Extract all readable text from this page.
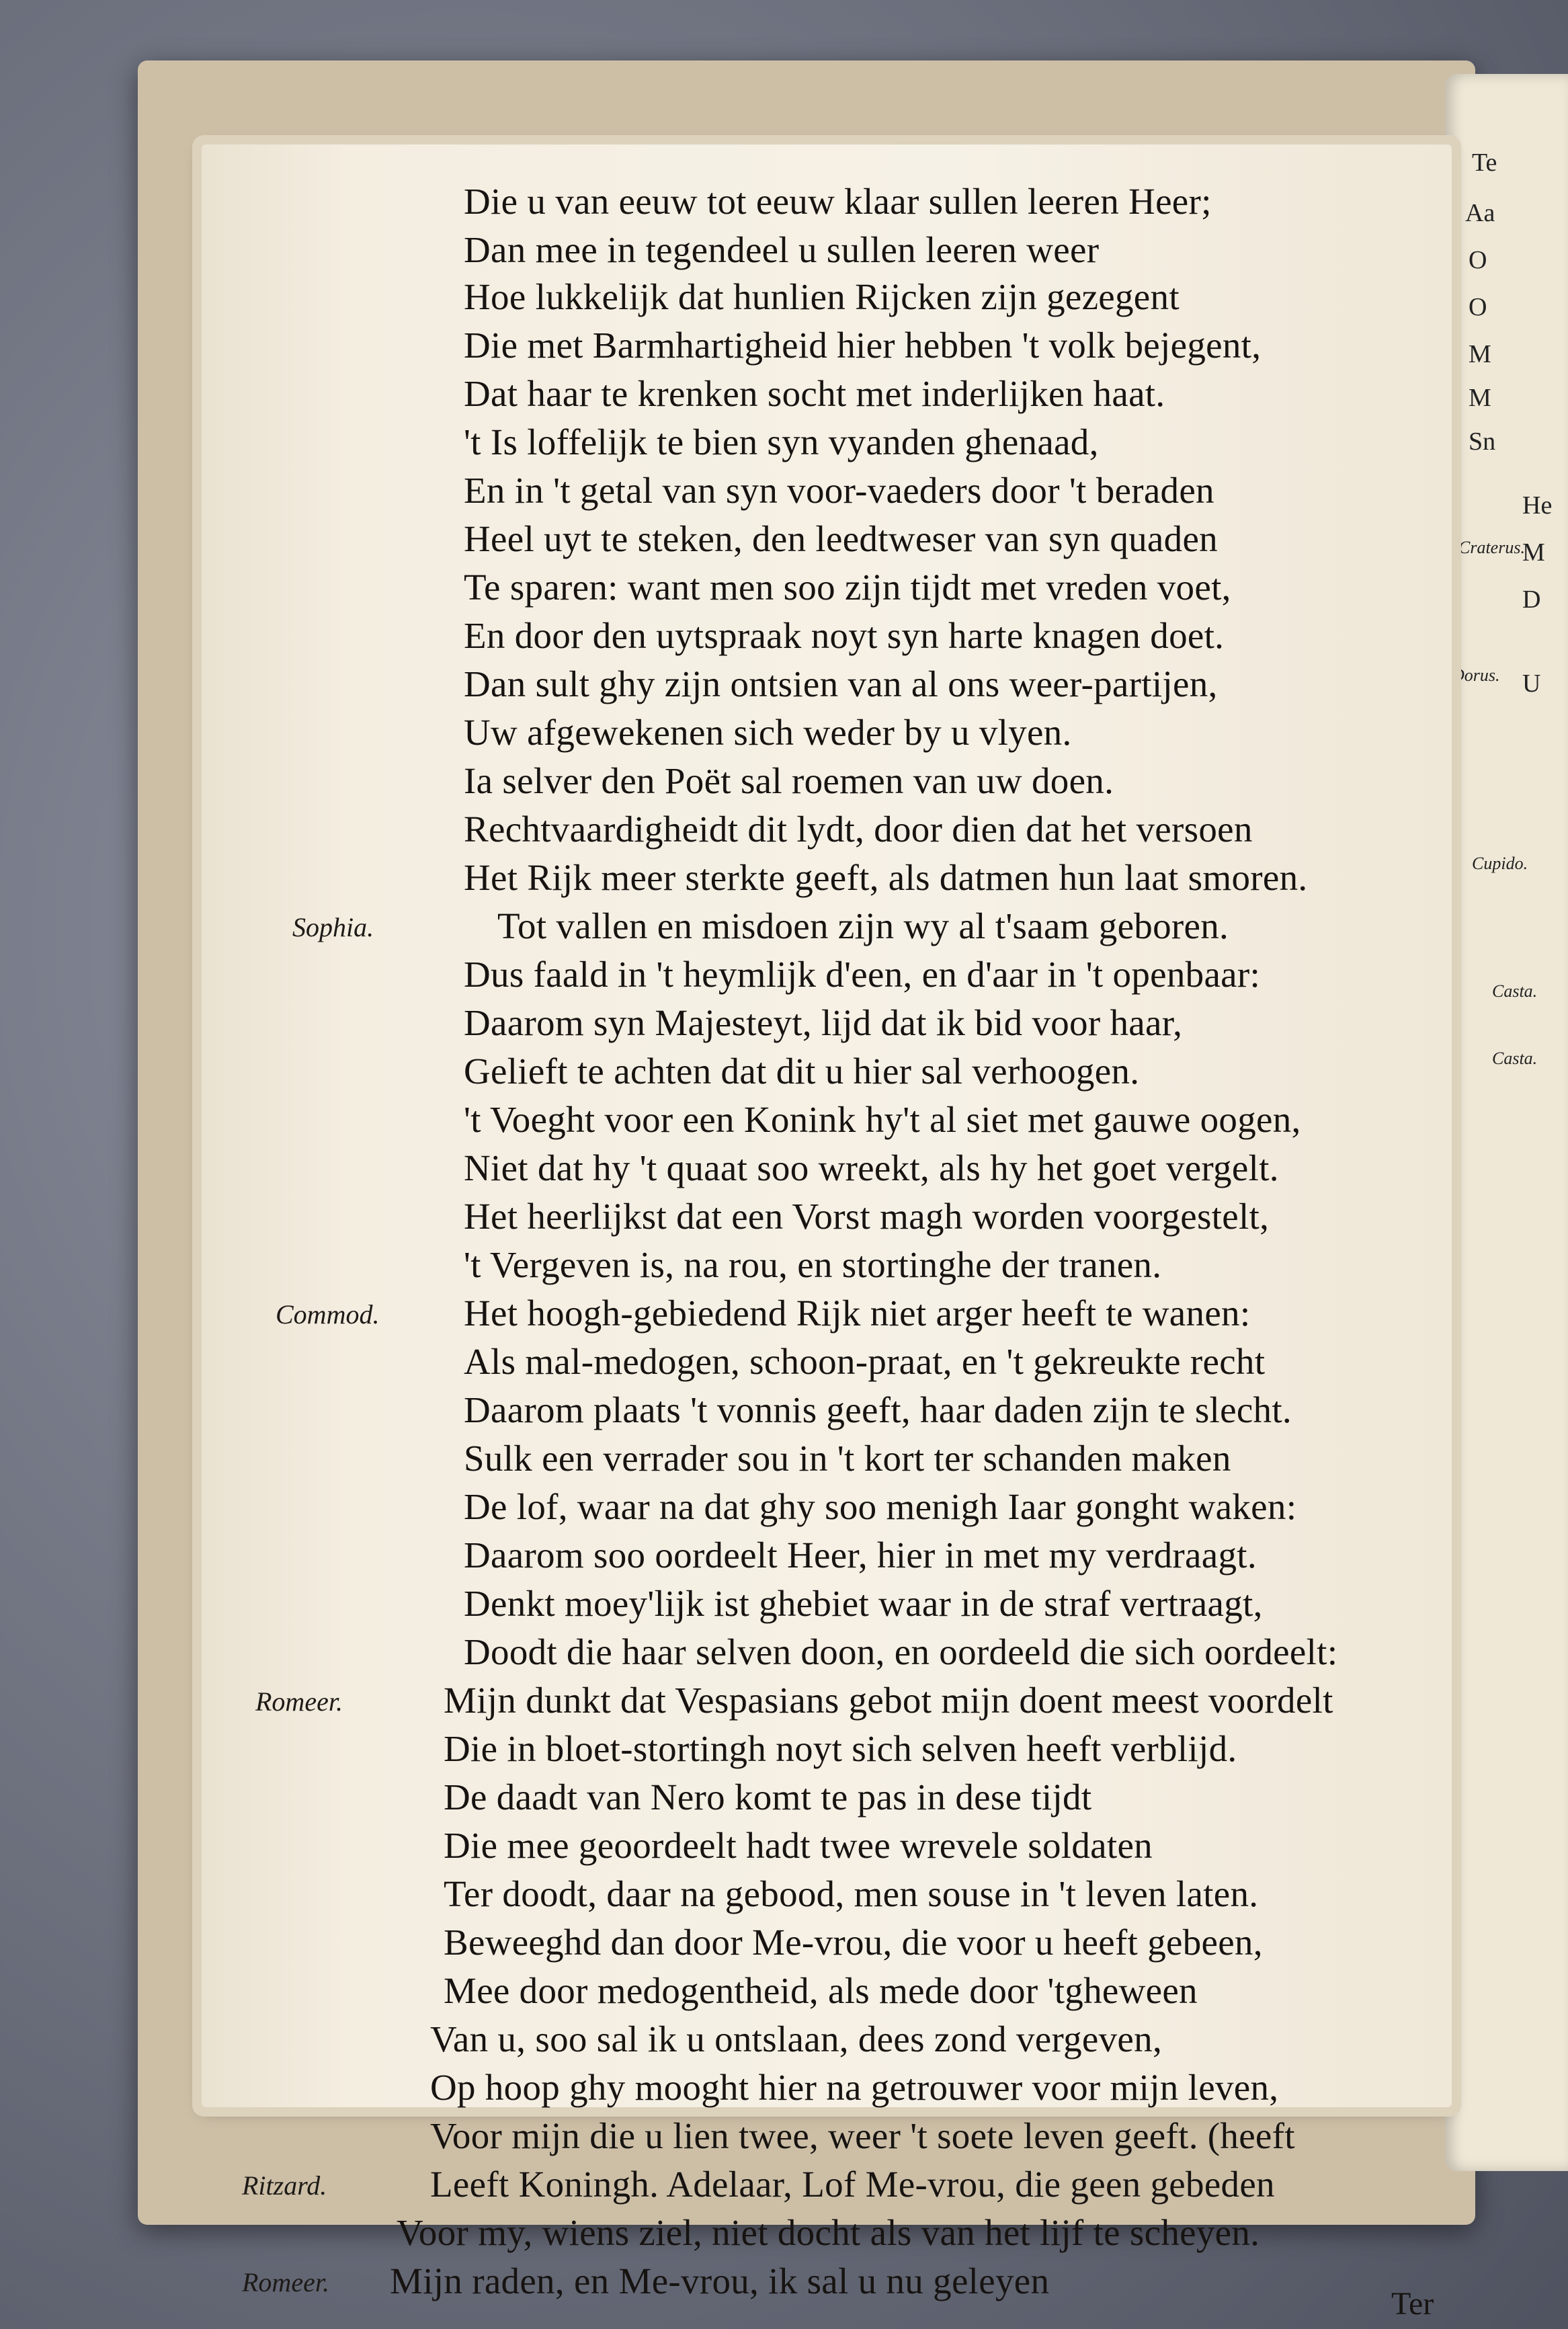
Te
Aa
O
O
M
M
Sn
He
M
D
U
Craterus.
Dorus.
Cupido.
Casta.
Casta.
Die u van eeuw tot eeuw klaar sullen leeren Heer;
Dan mee in tegendeel u sullen leeren weer
Hoe lukkelijk dat hunlien Rijcken zijn gezegent
Die met Barmhartigheid hier hebben 't volk bejegent,
Dat haar te krenken socht met inderlijken haat.
't Is loffelijk te bien syn vyanden ghenaad,
En in 't getal van syn voor-vaeders door 't beraden
Heel uyt te steken, den leedtweser van syn quaden
Te sparen: want men soo zijn tijdt met vreden voet,
En door den uytspraak noyt syn harte knagen doet.
Dan sult ghy zijn ontsien van al ons weer-partijen,
Uw afgewekenen sich weder by u vlyen.
Ia selver den Poët sal roemen van uw doen.
Rechtvaardigheidt dit lydt, door dien dat het versoen
Het Rijk meer sterkte geeft, als datmen hun laat smoren.
Tot vallen en misdoen zijn wy al t'saam geboren.
Dus faald in 't heymlijk d'een, en d'aar in 't openbaar:
Daarom syn Majesteyt, lijd dat ik bid voor haar,
Gelieft te achten dat dit u hier sal verhoogen.
't Voeght voor een Konink hy't al siet met gauwe oogen,
Niet dat hy 't quaat soo wreekt, als hy het goet vergelt.
Het heerlijkst dat een Vorst magh worden voorgestelt,
't Vergeven is, na rou, en stortinghe der tranen.
Het hoogh-gebiedend Rijk niet arger heeft te wanen:
Als mal-medogen, schoon-praat, en 't gekreukte recht
Daarom plaats 't vonnis geeft, haar daden zijn te slecht.
Sulk een verrader sou in 't kort ter schanden maken
De lof, waar na dat ghy soo menigh Iaar gonght waken:
Daarom soo oordeelt Heer, hier in met my verdraagt.
Denkt moey'lijk ist ghebiet waar in de straf vertraagt,
Doodt die haar selven doon, en oordeeld die sich oordeelt:
Mijn dunkt dat Vespasians gebot mijn doent meest voordelt
Die in bloet-stortingh noyt sich selven heeft verblijd.
De daadt van Nero komt te pas in dese tijdt
Die mee geoordeelt hadt twee wrevele soldaten
Ter doodt, daar na gebood, men souse in 't leven laten.
Beweeghd dan door Me-vrou, die voor u heeft gebeen,
Mee door medogentheid, als mede door 'tgheween
Van u, soo sal ik u ontslaan, dees zond vergeven,
Op hoop ghy mooght hier na getrouwer voor mijn leven,
Voor mijn die u lien twee, weer 't soete leven geeft. (heeft
Leeft Koningh. Adelaar, Lof Me-vrou, die geen gebeden
Voor my, wiens ziel, niet docht als van het lijf te scheyen.
Mijn raden, en Me-vrou, ik sal u nu geleyen
Sophia.
Commod.
Romeer.
Ritzard.
Romeer.
Ter
